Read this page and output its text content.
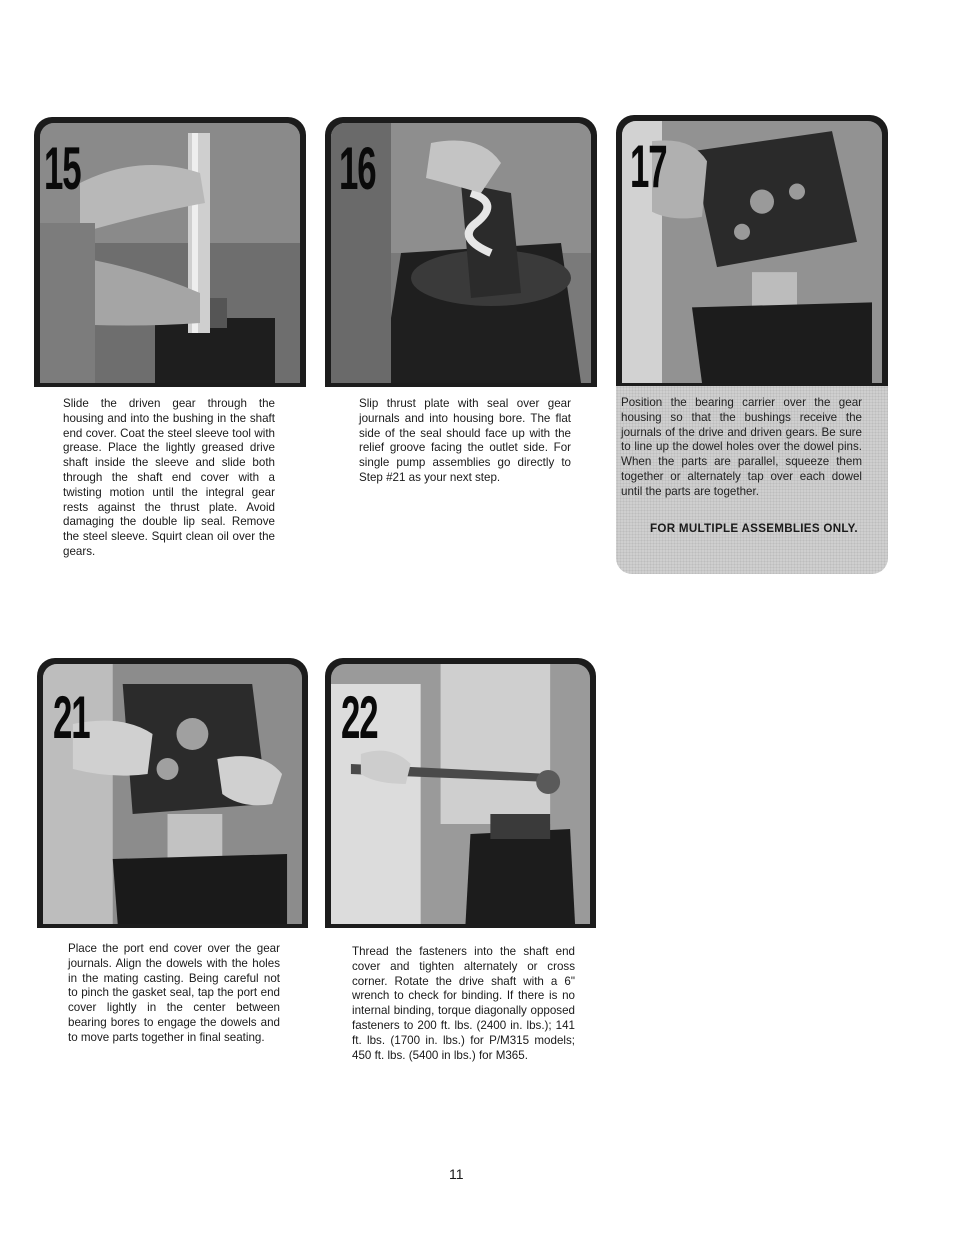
15

Slide the driven gear through the housing and into the bushing in the shaft end cover. Coat the steel sleeve tool with grease. Place the lightly greased drive shaft inside the sleeve and slide both through the shaft end cover with a twisting motion until the integral gear rests against the thrust plate. Avoid damaging the double lip seal. Remove the steel sleeve. Squirt clean oil over the gears.

16

Slip thrust plate with seal over gear journals and into housing bore. The flat side of the seal should face up with the relief groove facing the outlet side. For single pump assemblies go directly to Step #21 as your next step.

17

Position the bearing carrier over the gear housing so that the bushings receive the journals of the drive and driven gears. Be sure to line up the dowel holes over the dowel pins. When the parts are parallel, squeeze them together or alternately tap over each dowel until the parts are together.

FOR MULTIPLE ASSEMBLIES ONLY.
21

Place the port end cover over the gear journals. Align the dowels with the holes in the mating casting. Being careful not to pinch the gasket seal, tap the port end cover lightly in the center between bearing bores to engage the dowels and to move parts together in final seating.

22

Thread the fasteners into the shaft end cover and tighten alternately or cross corner. Rotate the drive shaft with a 6" wrench to check for binding. If there is no internal binding, torque diagonally opposed fasteners to 200 ft. lbs. (2400 in. lbs.); 141 ft. lbs. (1700 in. lbs.) for P/M315 models; 450 ft. lbs. (5400 in lbs.) for M365.

11
